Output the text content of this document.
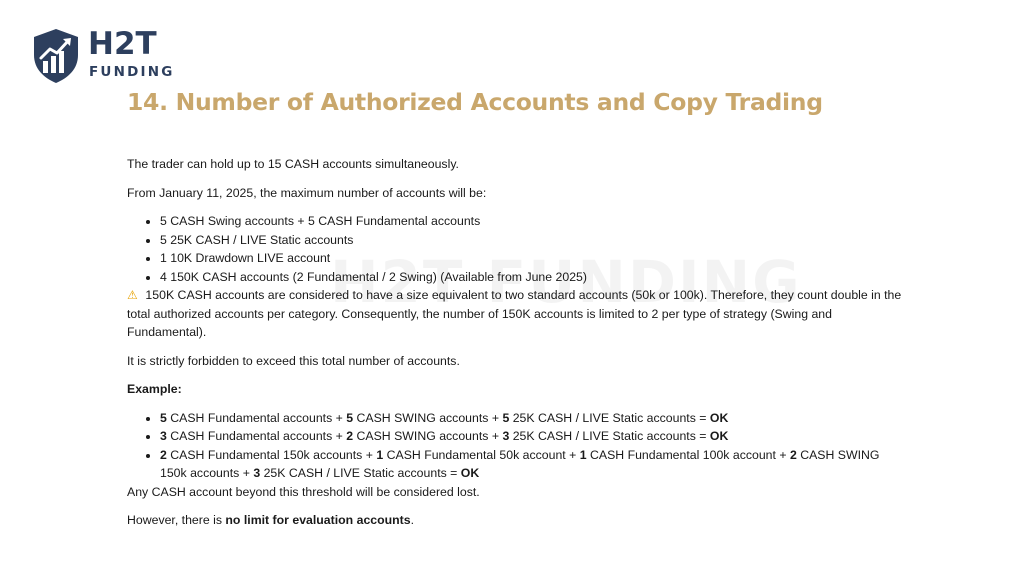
H2T
FUNDING
14. Number of Authorized Accounts and Copy Trading

The trader can hold up to 15 CASH accounts simultaneously.

From January 11, 2025, the maximum number of accounts will be:

• 5 CASH Swing accounts + 5 CASH Fundamental accounts
• 5 25K CASH / LIVE Static accounts
• 1 10K Drawdown LIVE account
• 4 150K CASH accounts (2 Fundamental / 2 Swing) (Available from June 2025)

⚠ 150K CASH accounts are considered to have a size equivalent to two standard accounts (50k or 100k). Therefore, they count double in the total authorized accounts per category. Consequently, the number of 150K accounts is limited to 2 per type of strategy (Swing and Fundamental).

It is strictly forbidden to exceed this total number of accounts.

Example:

• 5 CASH Fundamental accounts + 5 CASH SWING accounts + 5 25K CASH / LIVE Static accounts = OK
• 3 CASH Fundamental accounts + 2 CASH SWING accounts + 3 25K CASH / LIVE Static accounts = OK
• 2 CASH Fundamental 150k accounts + 1 CASH Fundamental 50k account + 1 CASH Fundamental 100k account + 2 CASH SWING 150k accounts + 3 25K CASH / LIVE Static accounts = OK

Any CASH account beyond this threshold will be considered lost.

However, there is no limit for evaluation accounts.
